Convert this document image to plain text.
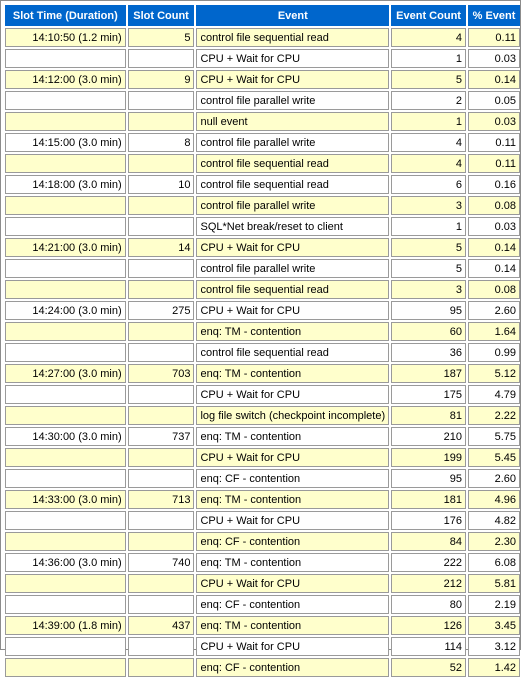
Slot Time (Duration)	Slot Count	Event	Event Count	% Event
14:10:50 (1.2 min)	5	control file sequential read	4	0.11
		CPU + Wait for CPU	1	0.03
14:12:00 (3.0 min)	9	CPU + Wait for CPU	5	0.14
		control file parallel write	2	0.05
		null event	1	0.03
14:15:00 (3.0 min)	8	control file parallel write	4	0.11
		control file sequential read	4	0.11
14:18:00 (3.0 min)	10	control file sequential read	6	0.16
		control file parallel write	3	0.08
		SQL*Net break/reset to client	1	0.03
14:21:00 (3.0 min)	14	CPU + Wait for CPU	5	0.14
		control file parallel write	5	0.14
		control file sequential read	3	0.08
14:24:00 (3.0 min)	275	CPU + Wait for CPU	95	2.60
		enq: TM - contention	60	1.64
		control file sequential read	36	0.99
14:27:00 (3.0 min)	703	enq: TM - contention	187	5.12
		CPU + Wait for CPU	175	4.79
		log file switch (checkpoint incomplete)	81	2.22
14:30:00 (3.0 min)	737	enq: TM - contention	210	5.75
		CPU + Wait for CPU	199	5.45
		enq: CF - contention	95	2.60
14:33:00 (3.0 min)	713	enq: TM - contention	181	4.96
		CPU + Wait for CPU	176	4.82
		enq: CF - contention	84	2.30
14:36:00 (3.0 min)	740	enq: TM - contention	222	6.08
		CPU + Wait for CPU	212	5.81
		enq: CF - contention	80	2.19
14:39:00 (1.8 min)	437	enq: TM - contention	126	3.45
		CPU + Wait for CPU	114	3.12
		enq: CF - contention	52	1.42
